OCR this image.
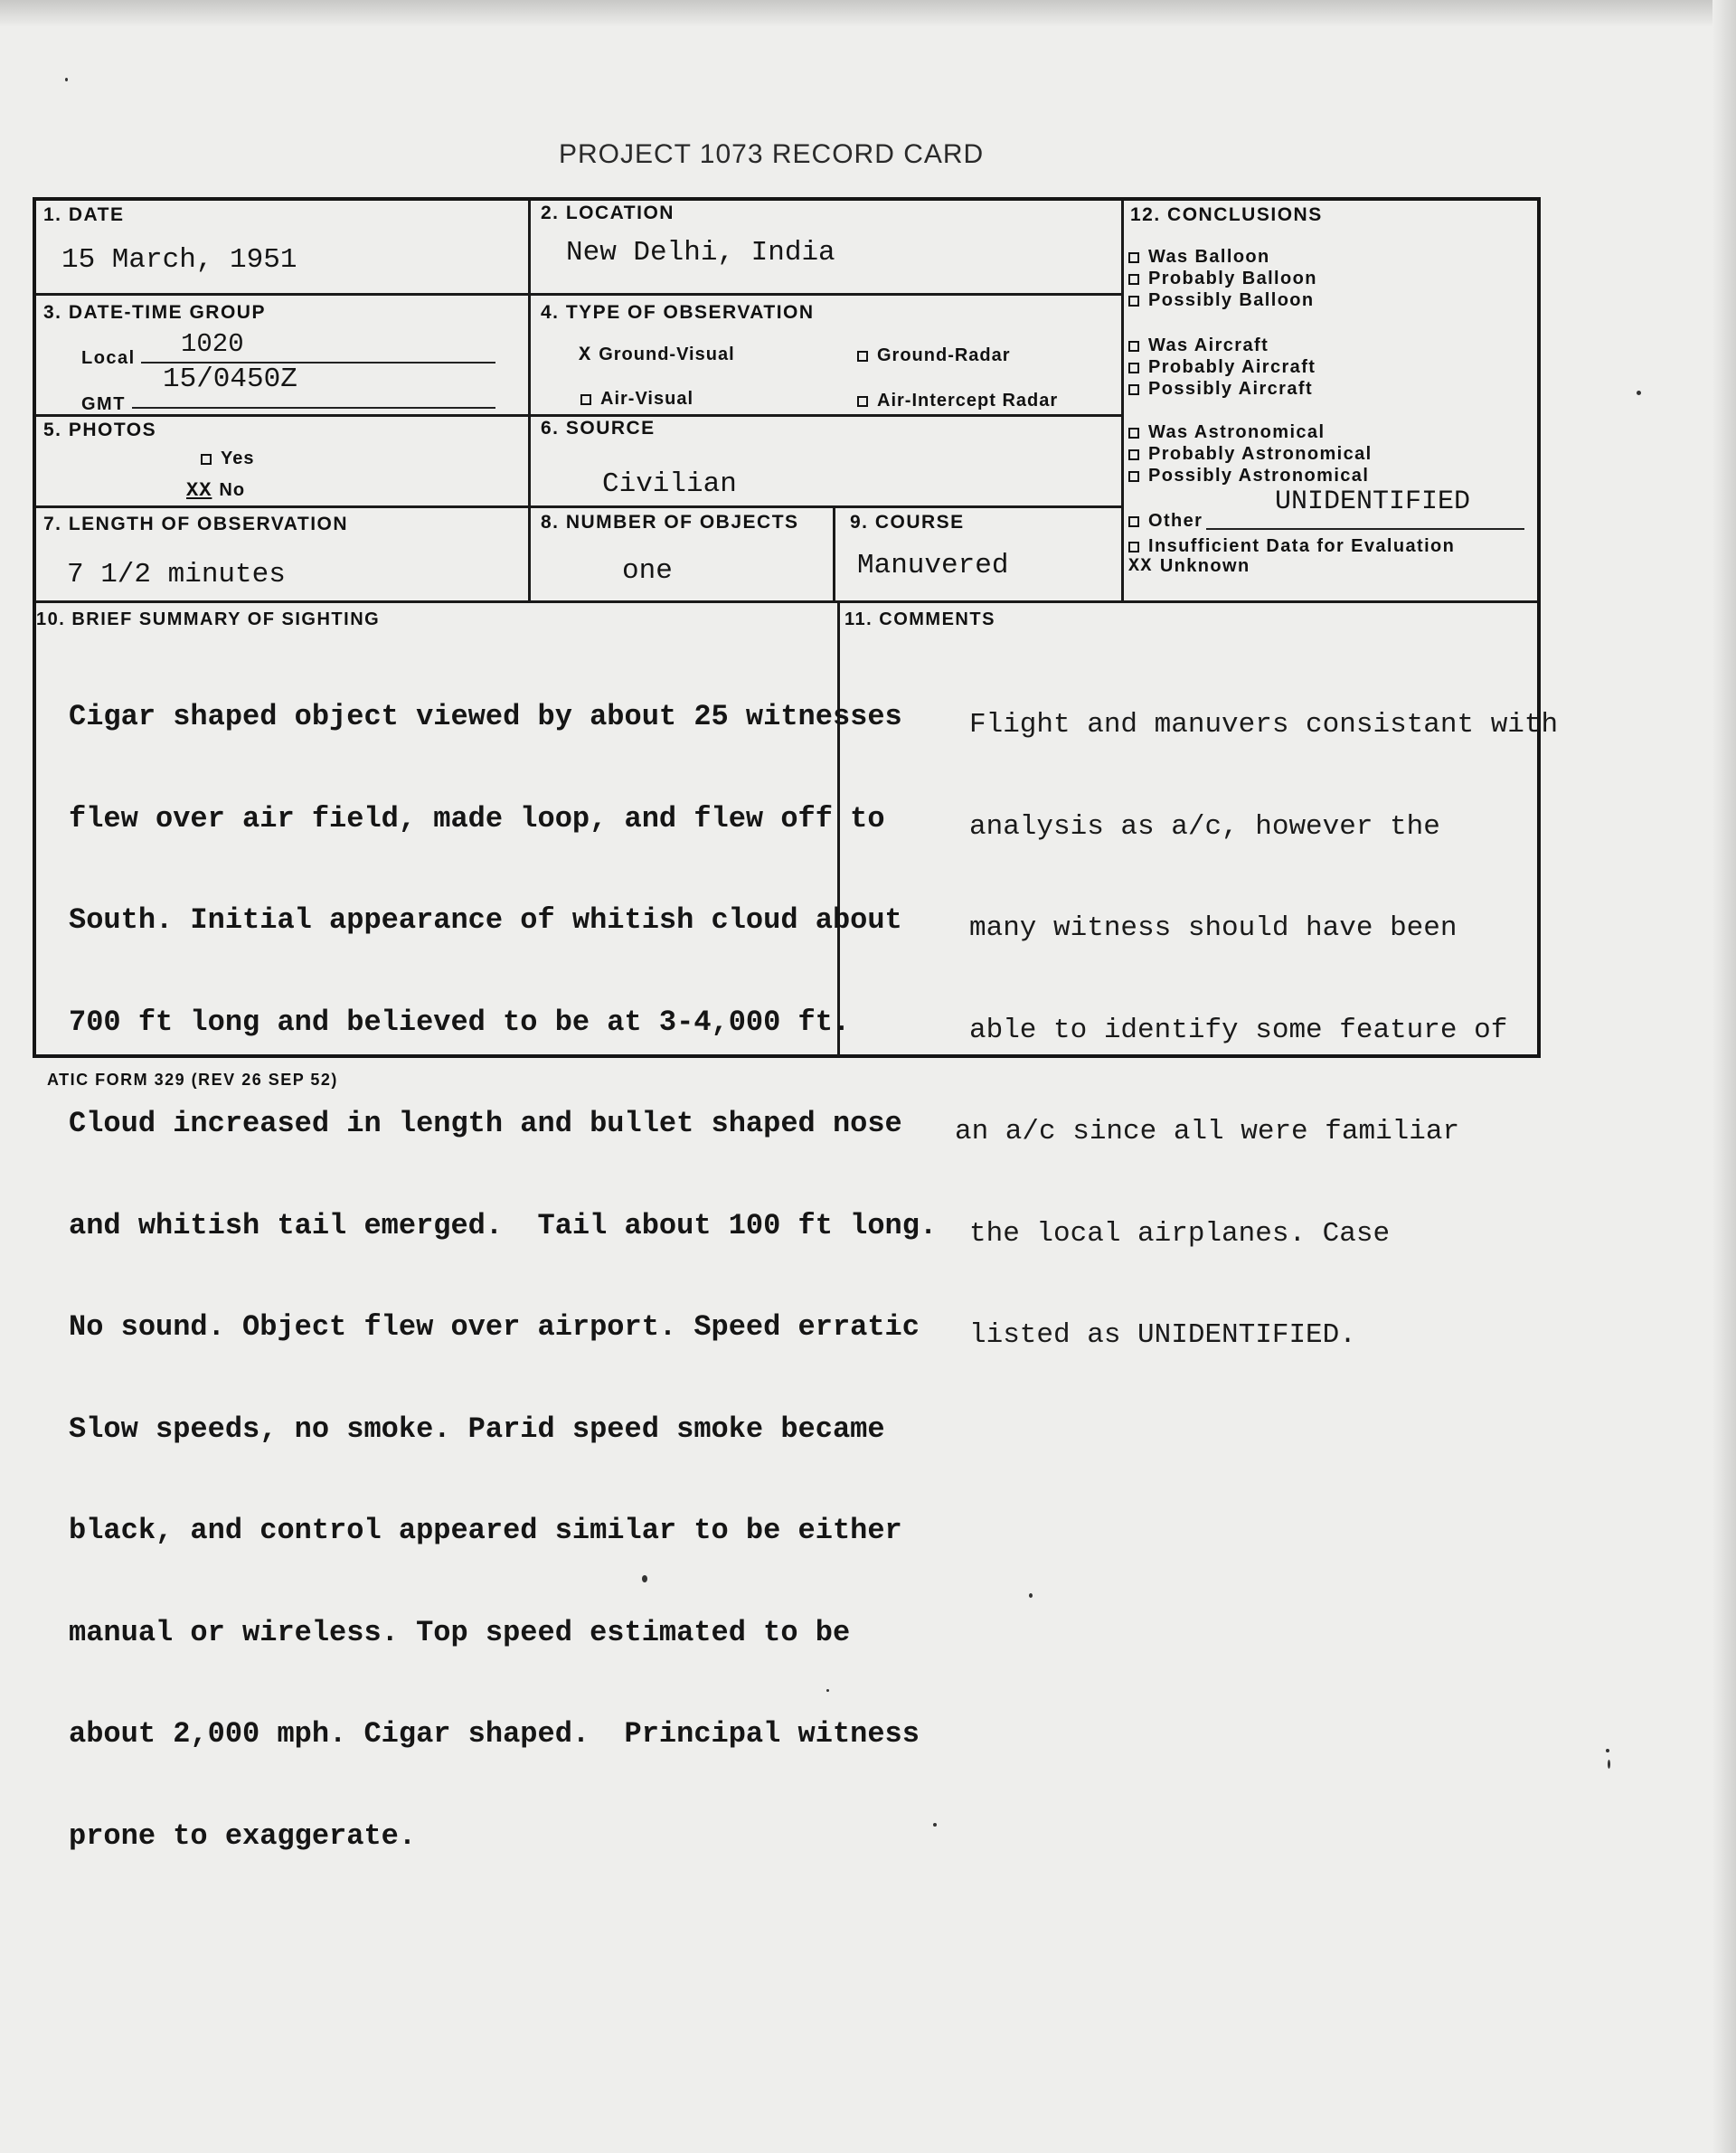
PROJECT 1073 RECORD CARD
1. DATE
15 March, 1951
2. LOCATION
New Delhi, India
3. DATE-TIME GROUP
Local 1020
15/0450Z
GMT
4. TYPE OF OBSERVATION
X Ground-Visual	Ground-Radar
Air-Visual	Air-Intercept Radar
5. PHOTOS
Yes
XX No
6. SOURCE
Civilian
7. LENGTH OF OBSERVATION
7 1/2 minutes
8. NUMBER OF OBJECTS
one
9. COURSE
Manuvered
12. CONCLUSIONS
Was Balloon
Probably Balloon
Possibly Balloon
Was Aircraft
Probably Aircraft
Possibly Aircraft
Was Astronomical
Probably Astronomical
Possibly Astronomical
Other
UNIDENTIFIED
Insufficient Data for Evaluation
XX Unknown
10. BRIEF SUMMARY OF SIGHTING

Cigar shaped object viewed by about 25 witnesses

flew over air field, made loop, and flew off to

South. Initial appearance of whitish cloud about

700 ft long and believed to be at 3-4,000 ft.

Cloud increased in length and bullet shaped nose

and whitish tail emerged.  Tail about 100 ft long.

No sound. Object flew over airport. Speed erratic

Slow speeds, no smoke. Parid speed smoke became

black, and control appeared similar to be either

manual or wireless. Top speed estimated to be

about 2,000 mph. Cigar shaped.  Principal witness

prone to exaggerate.

11. COMMENTS

Flight and manuvers consistant with

analysis as a/c, however the

many witness should have been

able to identify some feature of

an a/c since all were familiar

the local airplanes. Case

listed as UNIDENTIFIED.

ATIC FORM 329 (REV 26 SEP 52)
